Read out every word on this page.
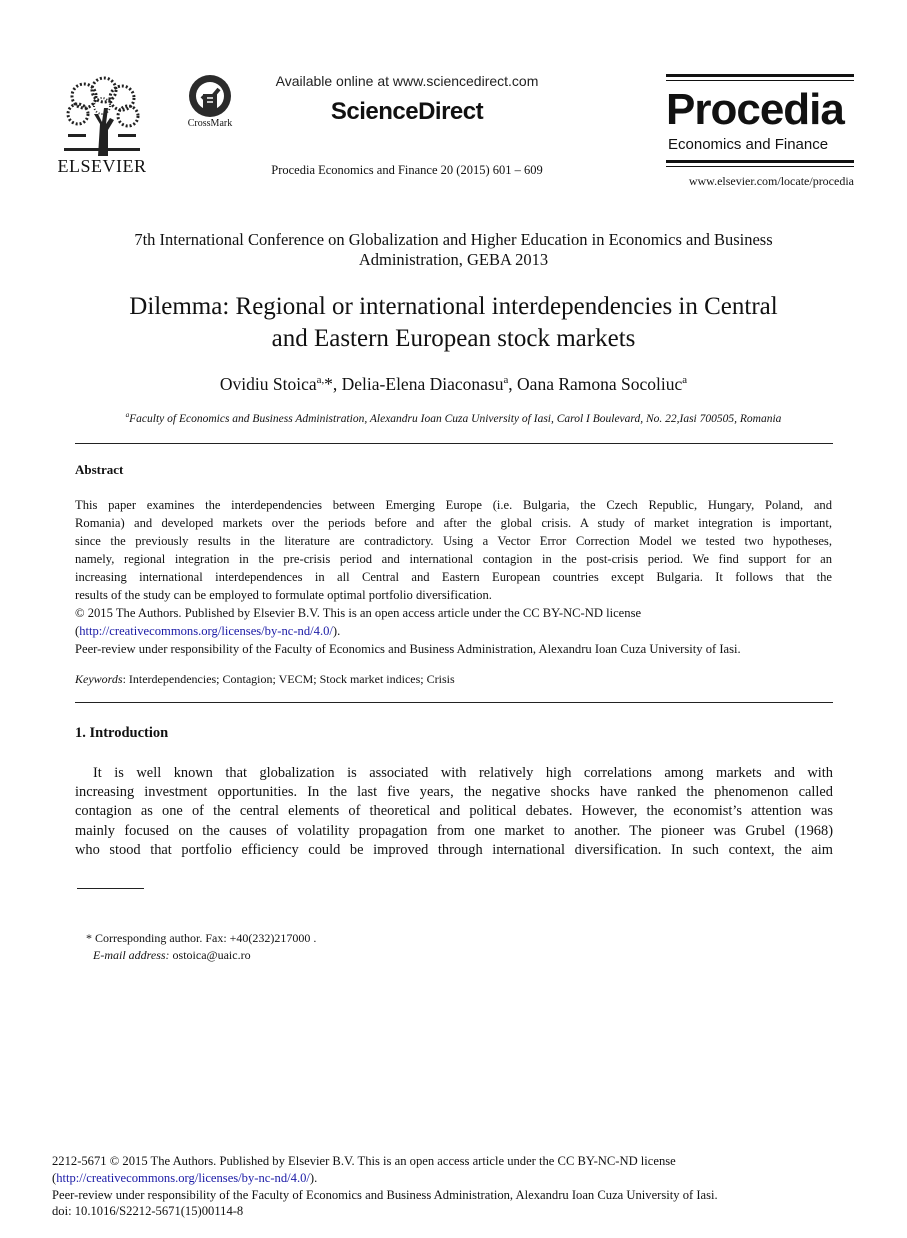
ELSEVIER
CrossMark
Available online at www.sciencedirect.com
ScienceDirect
Procedia Economics and Finance 20 (2015) 601 – 609
Procedia
Economics and Finance
www.elsevier.com/locate/procedia
7th International Conference on Globalization and Higher Education in Economics and Business
Administration, GEBA 2013
Dilemma: Regional or international interdependencies in Central
and Eastern European stock markets
Ovidiu Stoica$^{a,}$*, Delia-Elena Diaconasu$^a$, Oana Ramona Socoliuc$^a$
$^a$Faculty of Economics and Business Administration, Alexandru Ioan Cuza University of Iasi, Carol I Boulevard, No. 22,Iasi 700505, Romania
Abstract
This paper examines the interdependencies between Emerging Europe (i.e. Bulgaria, the Czech Republic, Hungary, Poland, and
Romania) and developed markets over the periods before and after the global crisis. A study of market integration is important,
since the previously results in the literature are contradictory. Using a Vector Error Correction Model we tested two hypotheses,
namely, regional integration in the pre-crisis period and international contagion in the post-crisis period. We find support for an
increasing international interdependences in all Central and Eastern European countries except Bulgaria. It follows that the
results of the study can be employed to formulate optimal portfolio diversification.
© 2015 The Authors. Published by Elsevier B.V. This is an open access article under the CC BY-NC-ND license
(http://creativecommons.org/licenses/by-nc-nd/4.0/).
Peer-review under responsibility of the Faculty of Economics and Business Administration, Alexandru Ioan Cuza University of Iasi.
Keywords: Interdependencies; Contagion; VECM; Stock market indices; Crisis
1. Introduction
It is well known that globalization is associated with relatively high correlations among markets and with
increasing investment opportunities. In the last five years, the negative shocks have ranked the phenomenon called
contagion as one of the central elements of theoretical and political debates. However, the economist’s attention was
mainly focused on the causes of volatility propagation from one market to another. The pioneer was Grubel (1968)
who stood that portfolio efficiency could be improved through international diversification. In such context, the aim
* Corresponding author. Fax: +40(232)217000 .
E-mail address: ostoica@uaic.ro
2212-5671 © 2015 The Authors. Published by Elsevier B.V. This is an open access article under the CC BY-NC-ND license
(http://creativecommons.org/licenses/by-nc-nd/4.0/).
Peer-review under responsibility of the Faculty of Economics and Business Administration, Alexandru Ioan Cuza University of Iasi.
doi: 10.1016/S2212-5671(15)00114-8
